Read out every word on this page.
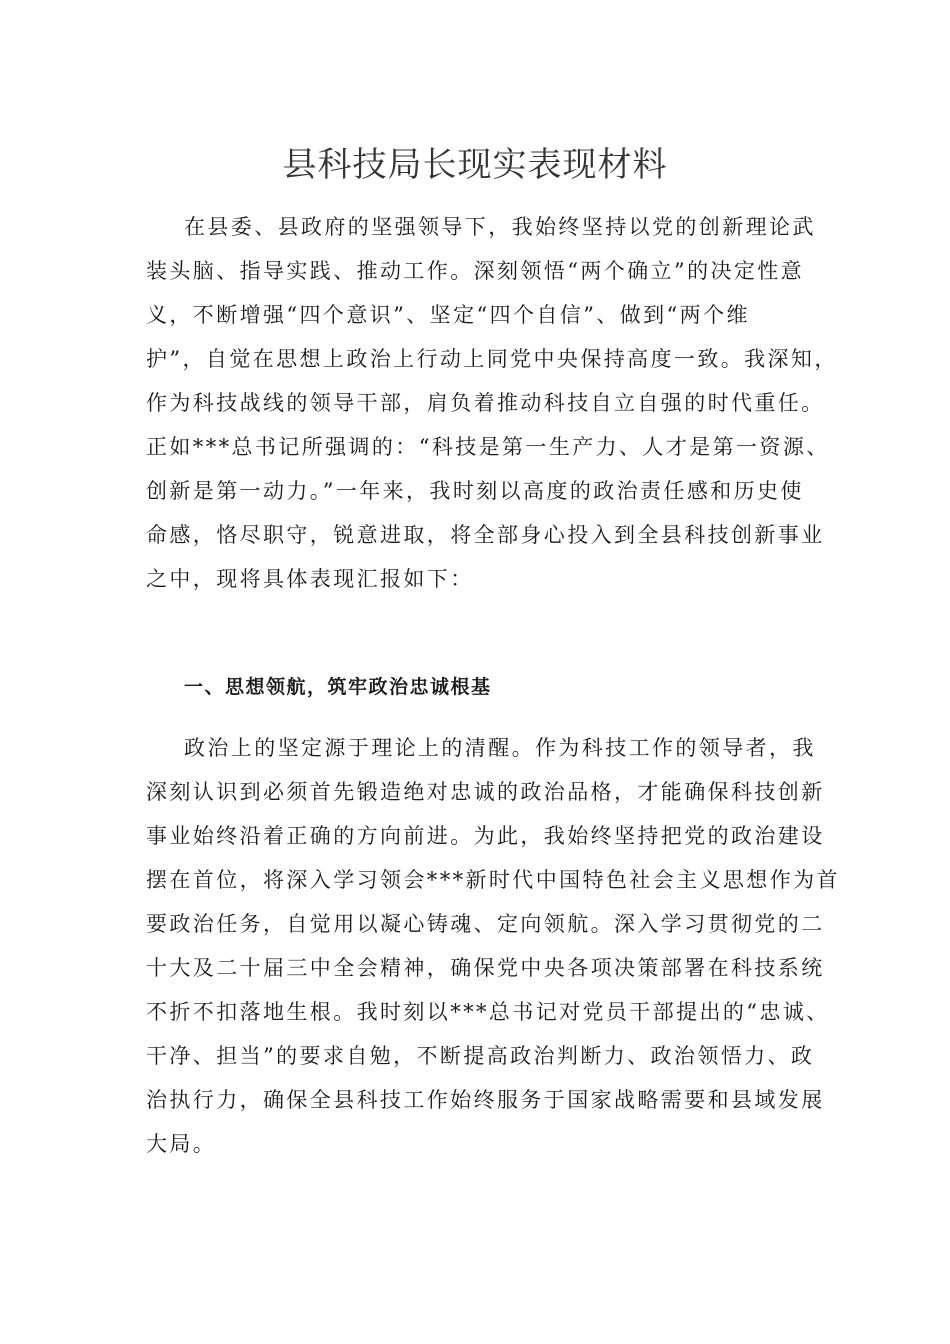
县科技局长现实表现材料
在县委、县政府的坚强领导下，我始终坚持以党的创新理论武
装头脑、指导实践、推动工作。深刻领悟“两个确立”的决定性意
义，不断增强“四个意识”、坚定“四个自信”、做到“两个维
护”，自觉在思想上政治上行动上同党中央保持高度一致。我深知，
作为科技战线的领导干部，肩负着推动科技自立自强的时代重任。
正如***总书记所强调的：“科技是第一生产力、人才是第一资源、
创新是第一动力。”一年来，我时刻以高度的政治责任感和历史使
命感，恪尽职守，锐意进取，将全部身心投入到全县科技创新事业
之中，现将具体表现汇报如下：
一、思想领航，筑牢政治忠诚根基
政治上的坚定源于理论上的清醒。作为科技工作的领导者，我
深刻认识到必须首先锻造绝对忠诚的政治品格，才能确保科技创新
事业始终沿着正确的方向前进。为此，我始终坚持把党的政治建设
摆在首位，将深入学习领会***新时代中国特色社会主义思想作为首
要政治任务，自觉用以凝心铸魂、定向领航。深入学习贯彻党的二
十大及二十届三中全会精神，确保党中央各项决策部署在科技系统
不折不扣落地生根。我时刻以***总书记对党员干部提出的“忠诚、
干净、担当”的要求自勉，不断提高政治判断力、政治领悟力、政
治执行力，确保全县科技工作始终服务于国家战略需要和县域发展
大局。
